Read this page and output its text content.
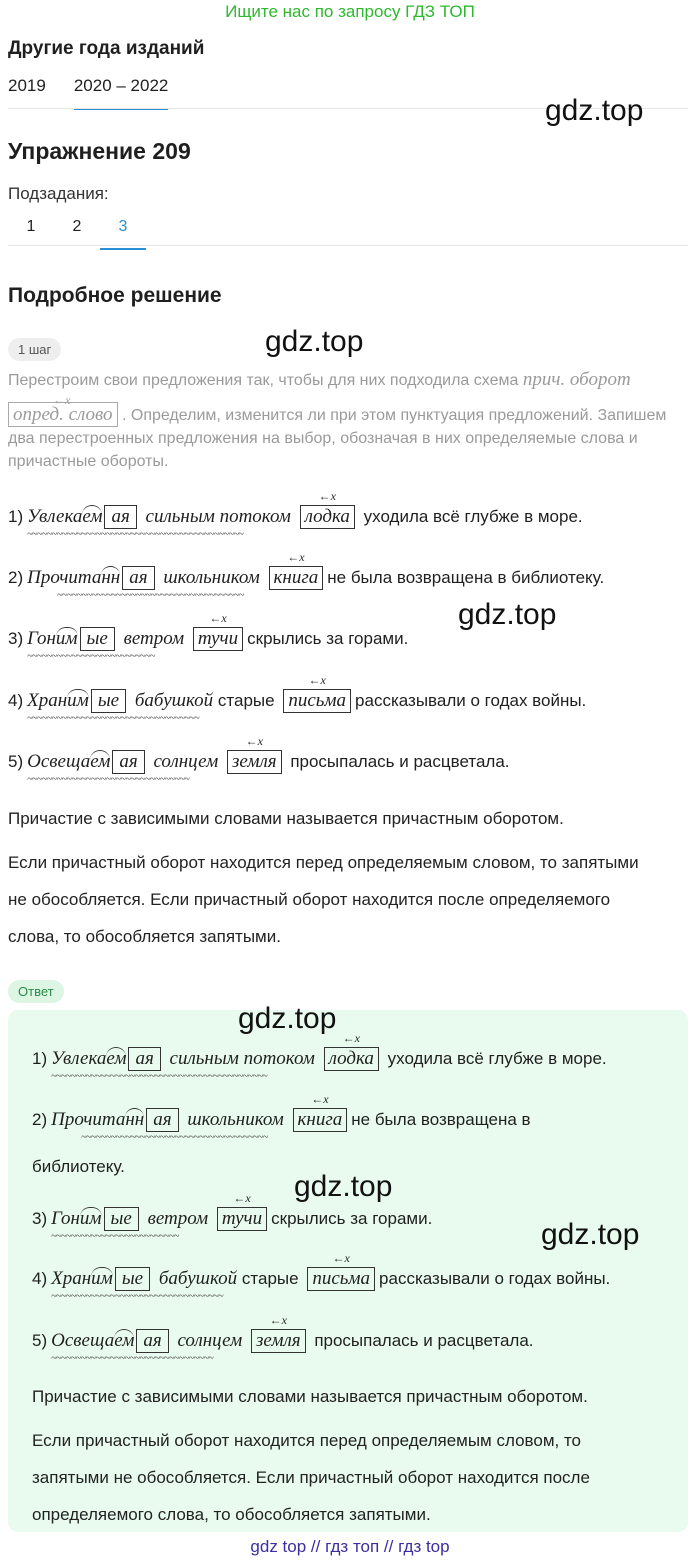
Ищите нас по запросу ГДЗ ТОП
Другие года изданий
2019 2020 – 2022
gdz.top
Упражнение 209
Подзадания:
1	2	3
Подробное решение
1 шаг	gdz.top
Перестроим свои предложения так, чтобы для них подходила схема прич. оборот

←x
опред. слово . Определим, изменится ли при этом пунктуация предложений. Запишем два перестроенных предложения на выбор, обозначая в них определяемые слова и причастные обороты.
1) Увлекаем
~~~~~~~~~~~~~~~~~~~~~~~~~~~~~~~~~~~~~~~~~~~~
ая сильным потоком
←x
лодка уходила всё глубже в море.
2) Прочитанн
~~~~~~~~~~~~~~~~~~~~~~~~~~~~~~~~~~~~~~
ая школьником
←x
книга не была возвращена в библиотеку.
gdz.top
3) Гоним
~~~~~~~~~~~~~~~~~~~~~~~~~~
ые ветром
←x
тучи скрылись за горами.
4) Храним
~~~~~~~~~~~~~~~~~~~~~~~~~~~~~~~~~~~
ые бабушкой старые
←x
письма рассказывали о годах войны.
5) Освещаем
~~~~~~~~~~~~~~~~~~~~~~~~~~~~~~~~~
ая солнцем
←x
земля просыпалась и расцветала.
Причастие с зависимыми словами называется причастным оборотом.
Если причастный оборот находится перед определяемым словом, то запятыми не обособляется. Если причастный оборот находится после определяемого слова, то обособляется запятыми.
Ответ
gdz.top
1) Увлекаем
~~~~~~~~~~~~~~~~~~~~~~~~~~~~~~~~~~~~~~~~~~~~
ая сильным потоком
←x
лодка уходила всё глубже в море.
2) Прочитанн
~~~~~~~~~~~~~~~~~~~~~~~~~~~~~~~~~~~~~~
ая школьником
←x
книга не была возвращена в
библиотеку.
gdz.top
3) Гоним
~~~~~~~~~~~~~~~~~~~~~~~~~~
ые ветром
←x
тучи скрылись за горами.	gdz.top
4) Храним
~~~~~~~~~~~~~~~~~~~~~~~~~~~~~~~~~~~
ые бабушкой старые
←x
письма рассказывали о годах войны.
5) Освещаем
~~~~~~~~~~~~~~~~~~~~~~~~~~~~~~~~~
ая солнцем
←x
земля просыпалась и расцветала.
Причастие с зависимыми словами называется причастным оборотом.
Если причастный оборот находится перед определяемым словом, то запятыми не обособляется. Если причастный оборот находится после определяемого слова, то обособляется запятыми.
gdz top // гдз топ // гдз top
